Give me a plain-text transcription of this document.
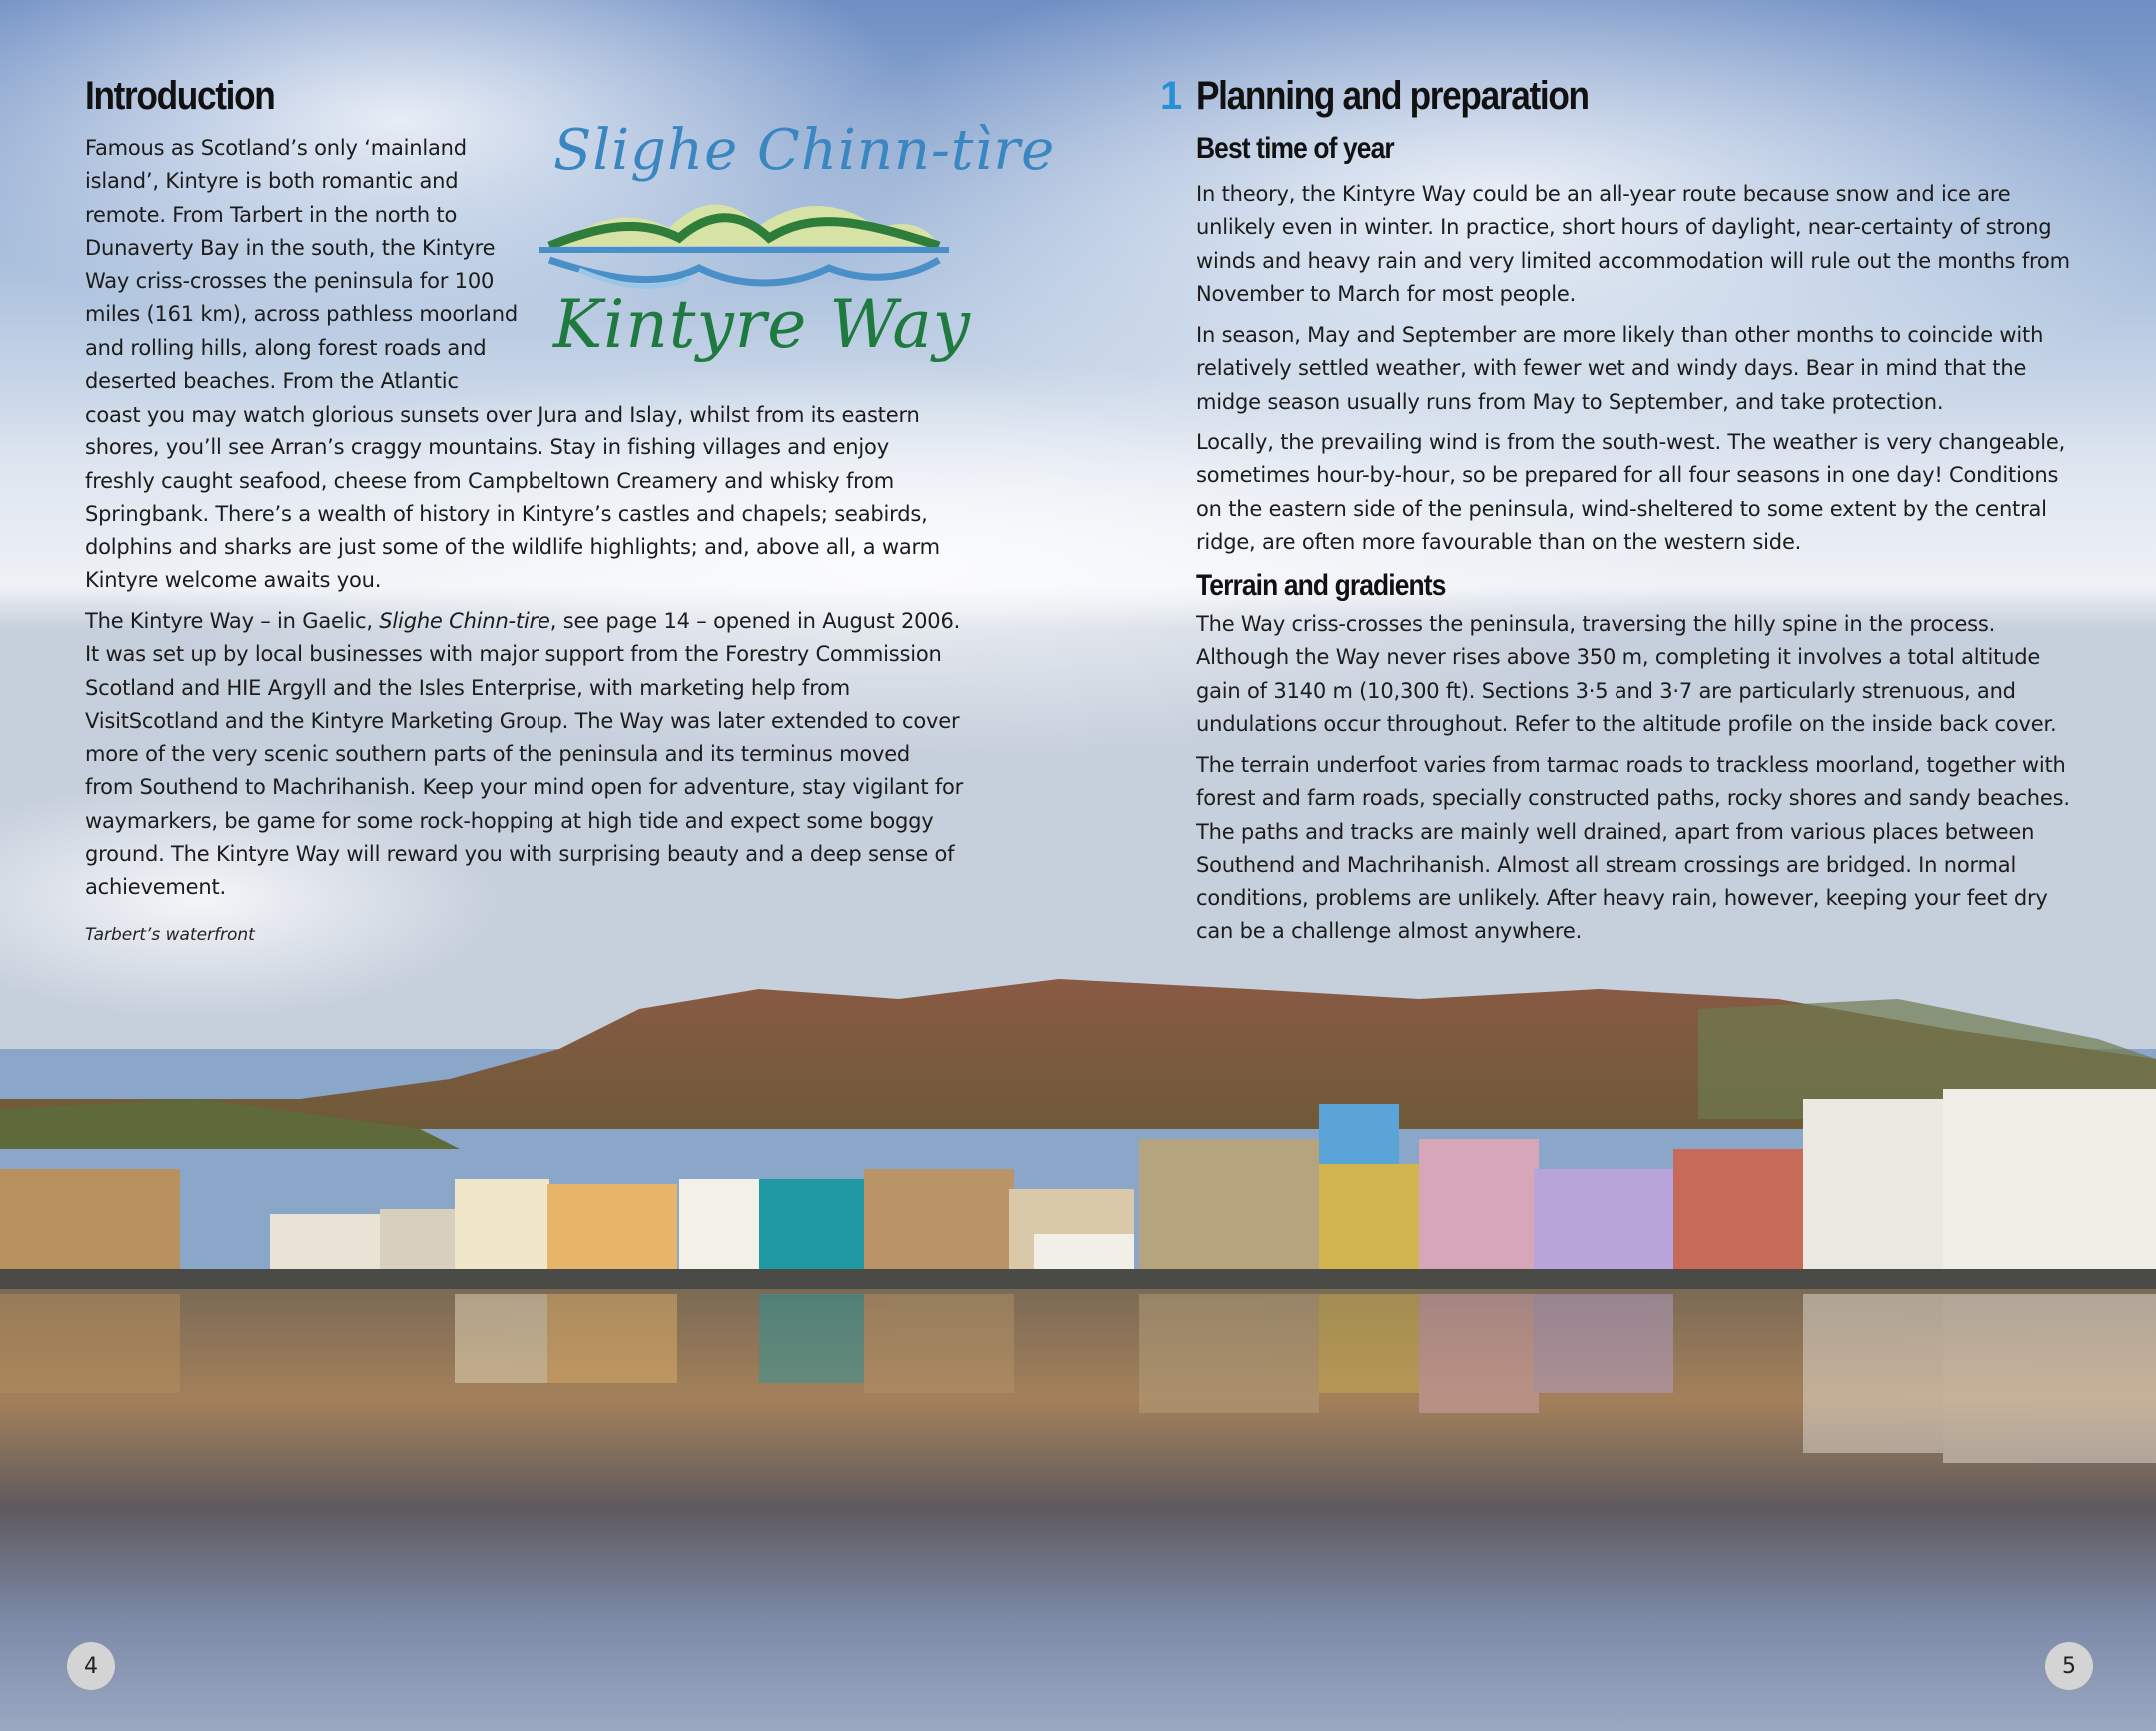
Introduction
Slighe Chinn-tìre
Kintyre Way
Famous as Scotland’s only ‘mainland
island’, Kintyre is both romantic and
remote. From Tarbert in the north to
Dunaverty Bay in the south, the Kintyre
Way criss-crosses the peninsula for 100
miles (161 km), across pathless moorland
and rolling hills, along forest roads and
deserted beaches. From the Atlantic

coast you may watch glorious sunsets over Jura and Islay, whilst from its eastern shores, you’ll see Arran’s craggy mountains. Stay in fishing villages and enjoy freshly caught seafood, cheese from Campbeltown Creamery and whisky from Springbank. There’s a wealth of history in Kintyre’s castles and chapels; seabirds, dolphins and sharks are just some of the wildlife highlights; and, above all, a warm Kintyre welcome awaits you.

The Kintyre Way – in Gaelic, Slighe Chinn-tire, see page 14 – opened in August 2006. It was set up by local businesses with major support from the Forestry Commission Scotland and HIE Argyll and the Isles Enterprise, with marketing help from VisitScotland and the Kintyre Marketing Group. The Way was later extended to cover more of the very scenic southern parts of the peninsula and its terminus moved from Southend to Machrihanish. Keep your mind open for adventure, stay vigilant for waymarkers, be game for some rock-hopping at high tide and expect some boggy ground. The Kintyre Way will reward you with surprising beauty and a deep sense of achievement.

Tarbert’s waterfront
4
1 Planning and preparation
Best time of year

In theory, the Kintyre Way could be an all-year route because snow and ice are unlikely even in winter. In practice, short hours of daylight, near-certainty of strong winds and heavy rain and very limited accommodation will rule out the months from November to March for most people.

In season, May and September are more likely than other months to coincide with relatively settled weather, with fewer wet and windy days. Bear in mind that the midge season usually runs from May to September, and take protection.

Locally, the prevailing wind is from the south-west. The weather is very changeable, sometimes hour-by-hour, so be prepared for all four seasons in one day! Conditions on the eastern side of the peninsula, wind-sheltered to some extent by the central ridge, are often more favourable than on the western side.

Terrain and gradients

The Way criss-crosses the peninsula, traversing the hilly spine in the process. Although the Way never rises above 350 m, completing it involves a total altitude gain of 3140 m (10,300 ft). Sections 3·5 and 3·7 are particularly strenuous, and undulations occur throughout. Refer to the altitude profile on the inside back cover.

The terrain underfoot varies from tarmac roads to trackless moorland, together with forest and farm roads, specially constructed paths, rocky shores and sandy beaches. The paths and tracks are mainly well drained, apart from various places between Southend and Machrihanish. Almost all stream crossings are bridged. In normal conditions, problems are unlikely. After heavy rain, however, keeping your feet dry can be a challenge almost anywhere.

5
